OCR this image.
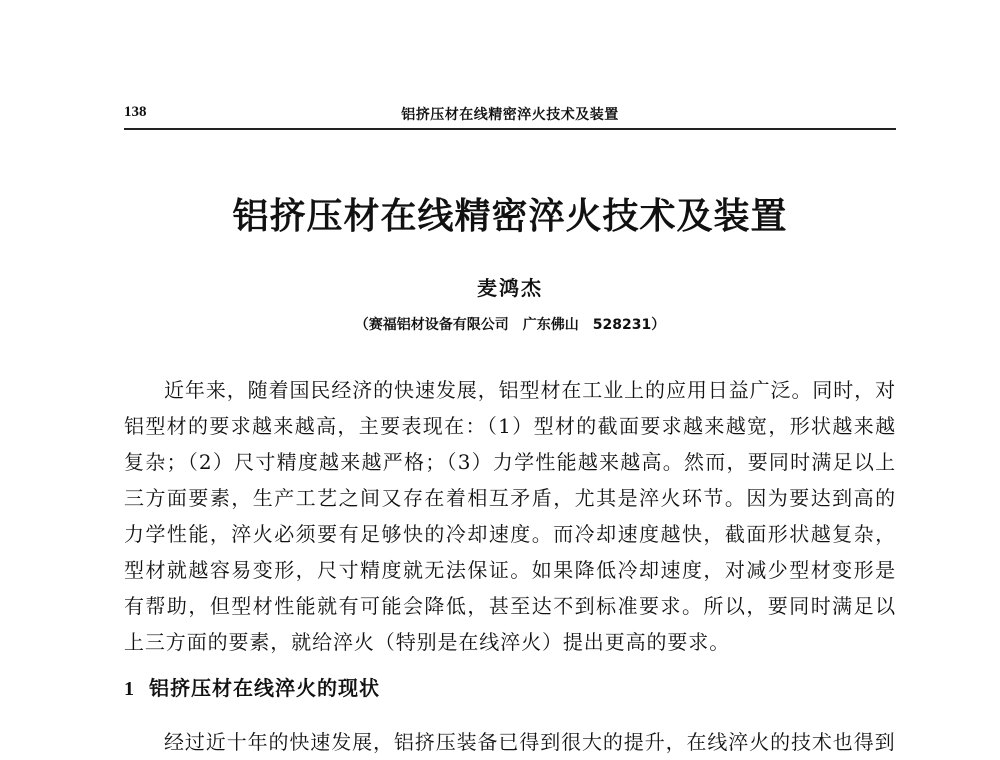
138	铝挤压材在线精密淬火技术及装置
铝挤压材在线精密淬火技术及装置
麦鸿杰
（赛福铝材设备有限公司　广东佛山　528231）

近年来，随着国民经济的快速发展，铝型材在工业上的应用日益广泛。同时，对铝型材的要求越来越高，主要表现在：（1）型材的截面要求越来越宽，形状越来越复杂；（2）尺寸精度越来越严格；（3）力学性能越来越高。然而，要同时满足以上三方面要素，生产工艺之间又存在着相互矛盾，尤其是淬火环节。因为要达到高的力学性能，淬火必须要有足够快的冷却速度。而冷却速度越快，截面形状越复杂，型材就越容易变形，尺寸精度就无法保证。如果降低冷却速度，对减少型材变形是有帮助，但型材性能就有可能会降低，甚至达不到标准要求。所以，要同时满足以上三方面的要素，就给淬火（特别是在线淬火）提出更高的要求。

1 铝挤压材在线淬火的现状

经过近十年的快速发展，铝挤压装备已得到很大的提升，在线淬火的技术也得到
